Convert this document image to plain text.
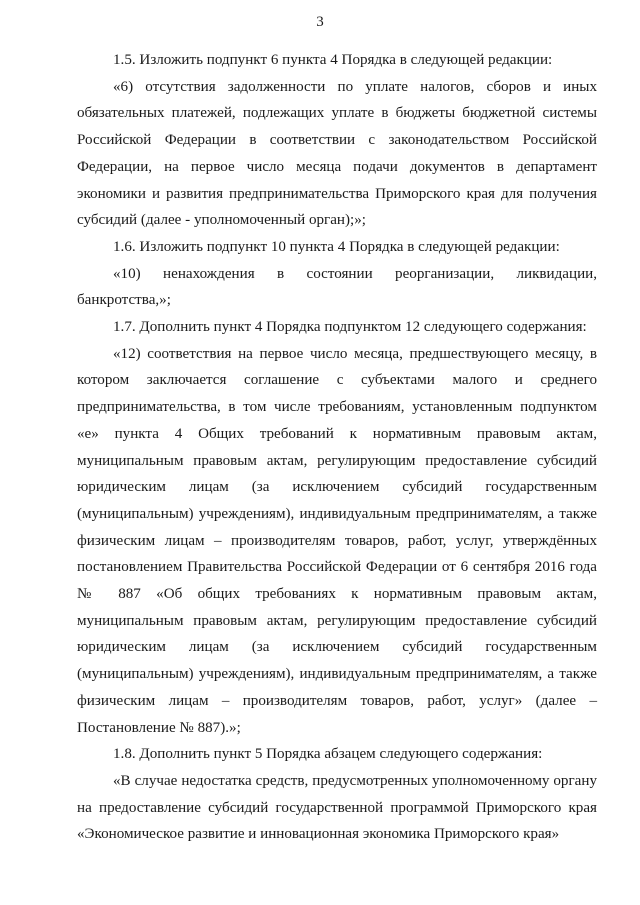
3

1.5. Изложить подпункт 6 пункта 4 Порядка в следующей редакции:

«6) отсутствия задолженности по уплате налогов, сборов и иных обязательных платежей, подлежащих уплате в бюджеты бюджетной системы Российской Федерации в соответствии с законодательством Российской Федерации, на первое число месяца подачи документов в департамент экономики и развития предпринимательства Приморского края для получения субсидий (далее - уполномоченный орган);»;

1.6. Изложить подпункт 10 пункта 4 Порядка в следующей редакции:

«10) ненахождения в состоянии реорганизации, ликвидации, банкротства,»;

1.7. Дополнить пункт 4 Порядка подпунктом 12 следующего содержания:

«12) соответствия на первое число месяца, предшествующего месяцу, в котором заключается соглашение с субъектами малого и среднего предпринимательства, в том числе требованиям, установленным подпунктом «е» пункта 4 Общих требований к нормативным правовым актам, муниципальным правовым актам, регулирующим предоставление субсидий юридическим лицам (за исключением субсидий государственным (муниципальным) учреждениям), индивидуальным предпринимателям, а также физическим лицам – производителям товаров, работ, услуг, утверждённых постановлением Правительства Российской Федерации от 6 сентября 2016 года № 887 «Об общих требованиях к нормативным правовым актам, муниципальным правовым актам, регулирующим предоставление субсидий юридическим лицам (за исключением субсидий государственным (муниципальным) учреждениям), индивидуальным предпринимателям, а также физическим лицам – производителям товаров, работ, услуг» (далее – Постановление № 887).»;

1.8. Дополнить пункт 5 Порядка абзацем следующего содержания:

«В случае недостатка средств, предусмотренных уполномоченному органу на предоставление субсидий государственной программой Приморского края «Экономическое развитие и инновационная экономика Приморского края»
